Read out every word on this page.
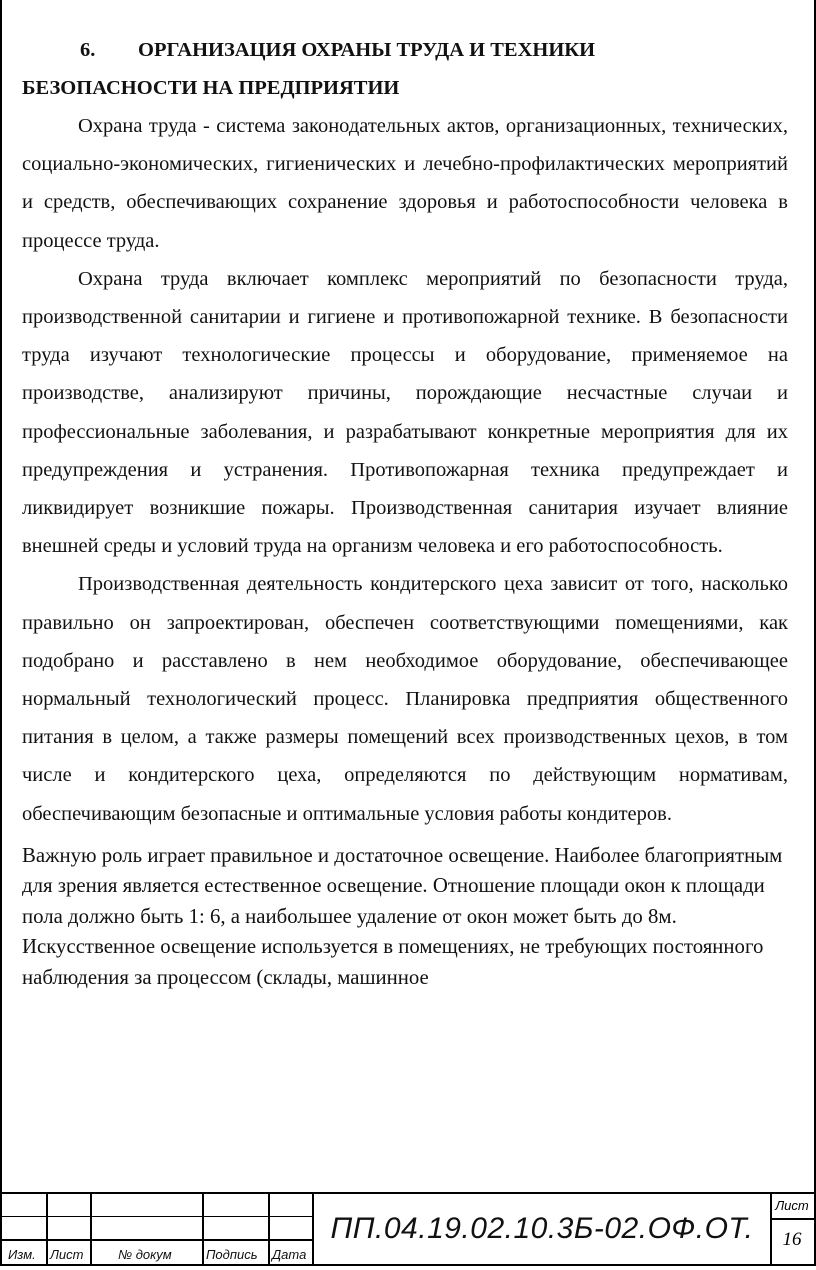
6. ОРГАНИЗАЦИЯ ОХРАНЫ ТРУДА И ТЕХНИКИ
БЕЗОПАСНОСТИ НА ПРЕДПРИЯТИИ

Охрана труда - система законодательных актов, организационных, технических, социально-экономических, гигиенических и лечебно-профилактических мероприятий и средств, обеспечивающих сохранение здоровья и работоспособности человека в процессе труда.

Охрана труда включает комплекс мероприятий по безопасности труда, производственной санитарии и гигиене и противопожарной технике. В безопасности труда изучают технологические процессы и оборудование, применяемое на производстве, анализируют причины, порождающие несчастные случаи и профессиональные заболевания, и разрабатывают конкретные мероприятия для их предупреждения и устранения. Противопожарная техника предупреждает и ликвидирует возникшие пожары. Производственная санитария изучает влияние внешней среды и условий труда на организм человека и его работоспособность.

Производственная деятельность кондитерского цеха зависит от того, насколько правильно он запроектирован, обеспечен соответствующими помещениями, как подобрано и расставлено в нем необходимое оборудование, обеспечивающее нормальный технологический процесс. Планировка предприятия общественного питания в целом, а также размеры помещений всех производственных цехов, в том числе и кондитерского цеха, определяются по действующим нормативам, обеспечивающим безопасные и оптимальные условия работы кондитеров.

Важную роль играет правильное и достаточное освещение. Наиболее благоприятным для зрения является естественное освещение. Отношение площади окон к площади пола должно быть 1: 6, а наибольшее удаление от окон может быть до 8м. Искусственное освещение используется в помещениях, не требующих постоянного наблюдения за процессом (склады, машинное

Изм. Лист	№ докум	Подпись Дата
ПП.04.19.02.10.3Б-02.ОФ.ОТ.
Лист
16
